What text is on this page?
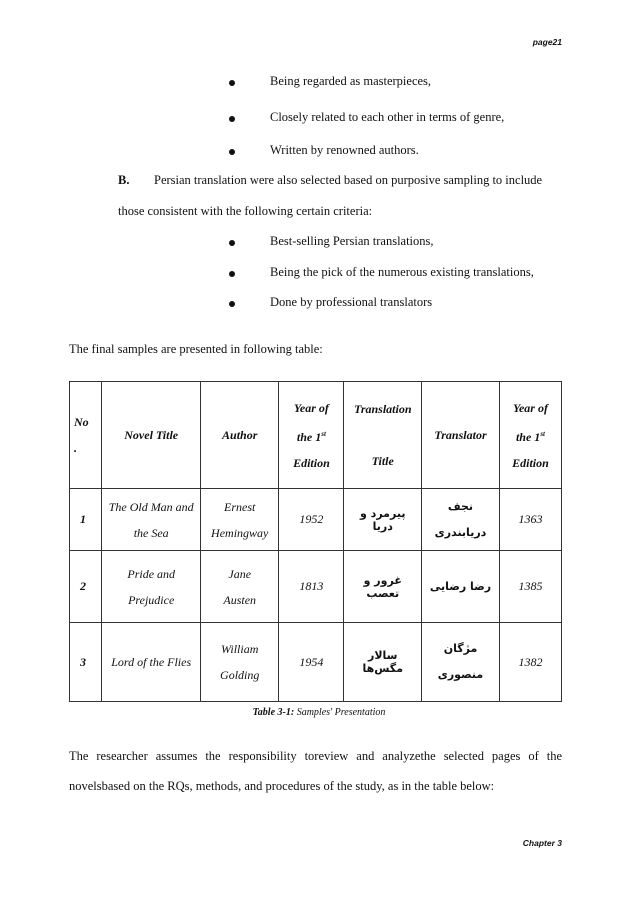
page21
Being regarded as masterpieces,
Closely related to each other in terms of genre,
Written by renowned authors.
B. Persian translation were also selected based on purposive sampling to include
those consistent with the following certain criteria:
Best-selling Persian translations,
Being the pick of the numerous existing translations,
Done by professional translators
The final samples are presented in following table:
No
.	Novel Title	Author	Year of
the 1st
Edition	Translation

Title	Translator	Year of
the 1st
Edition

1	The Old Man and
the Sea	Ernest
Hemingway	1952	پیرمرد و دریا	نجف
دریابندری	1363
2	Pride and
Prejudice	Jane
Austen	1813	غرور و تعصب	رضا رضایی	1385
3	Lord of the Flies	William
Golding	1954	سالار مگس‌ها	مژگان
منصوری	1382
Table 3-1: Samples' Presentation
The researcher assumes the responsibility toreview and analyzethe selected pages of the
novelsbased on the RQs, methods, and procedures of the study, as in the table below:
Chapter 3
